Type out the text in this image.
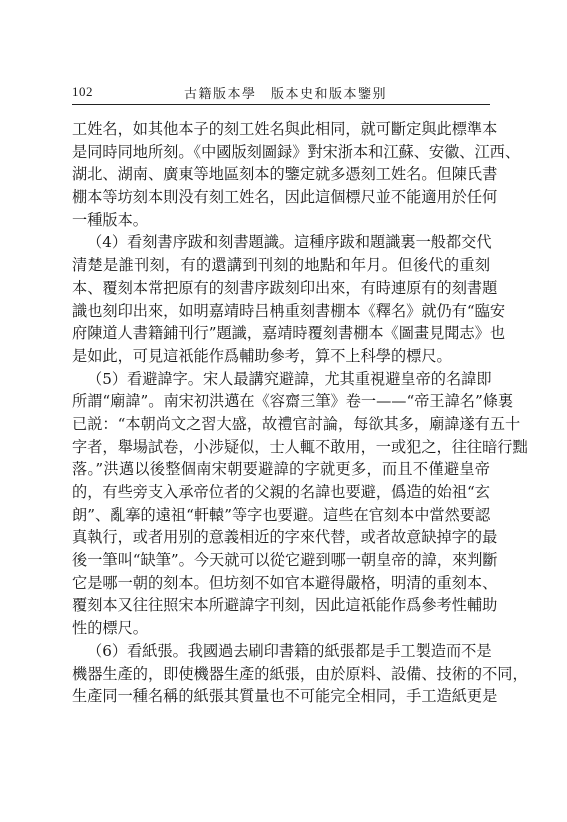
102	古籍版本學　版本史和版本鑒别
工姓名，如其他本子的刻工姓名與此相同，就可斷定與此標準本
是同時同地所刻。《中國版刻圖録》對宋浙本和江蘇、安徽、江西、
湖北、湖南、廣東等地區刻本的鑒定就多憑刻工姓名。但陳氏書
棚本等坊刻本則没有刻工姓名，因此這個標尺並不能適用於任何
一種版本。
（4）看刻書序跋和刻書題識。這種序跋和題識裏一般都交代
清楚是誰刊刻，有的還講到刊刻的地點和年月。但後代的重刻
本、覆刻本常把原有的刻書序跋刻印出來，有時連原有的刻書題
識也刻印出來，如明嘉靖時吕柟重刻書棚本《釋名》就仍有“臨安
府陳道人書籍鋪刊行”題識，嘉靖時覆刻書棚本《圖畫見聞志》也
是如此，可見這祇能作爲輔助參考，算不上科學的標尺。
（5）看避諱字。宋人最講究避諱，尤其重視避皇帝的名諱即
所謂“廟諱”。南宋初洪邁在《容齋三筆》卷一——“帝王諱名”條裏
已説：“本朝尚文之習大盛，故禮官討論，每欲其多，廟諱遂有五十
字者，舉場試卷，小涉疑似，士人輒不敢用，一或犯之，往往暗行黜
落。”洪邁以後整個南宋朝要避諱的字就更多，而且不僅避皇帝
的，有些旁支入承帝位者的父親的名諱也要避，僞造的始祖“玄
朗”、亂搴的遠祖“軒轅”等字也要避。這些在官刻本中當然要認
真執行，或者用别的意義相近的字來代替，或者故意缺掉字的最
後一筆叫“缺筆”。今天就可以從它避到哪一朝皇帝的諱，來判斷
它是哪一朝的刻本。但坊刻不如官本避得嚴格，明清的重刻本、
覆刻本又往往照宋本所避諱字刊刻，因此這祇能作爲參考性輔助
性的標尺。
（6）看紙張。我國過去刷印書籍的紙張都是手工製造而不是
機器生產的，即使機器生產的紙張，由於原料、設備、技術的不同，
生產同一種名稱的紙張其質量也不可能完全相同，手工造紙更是
